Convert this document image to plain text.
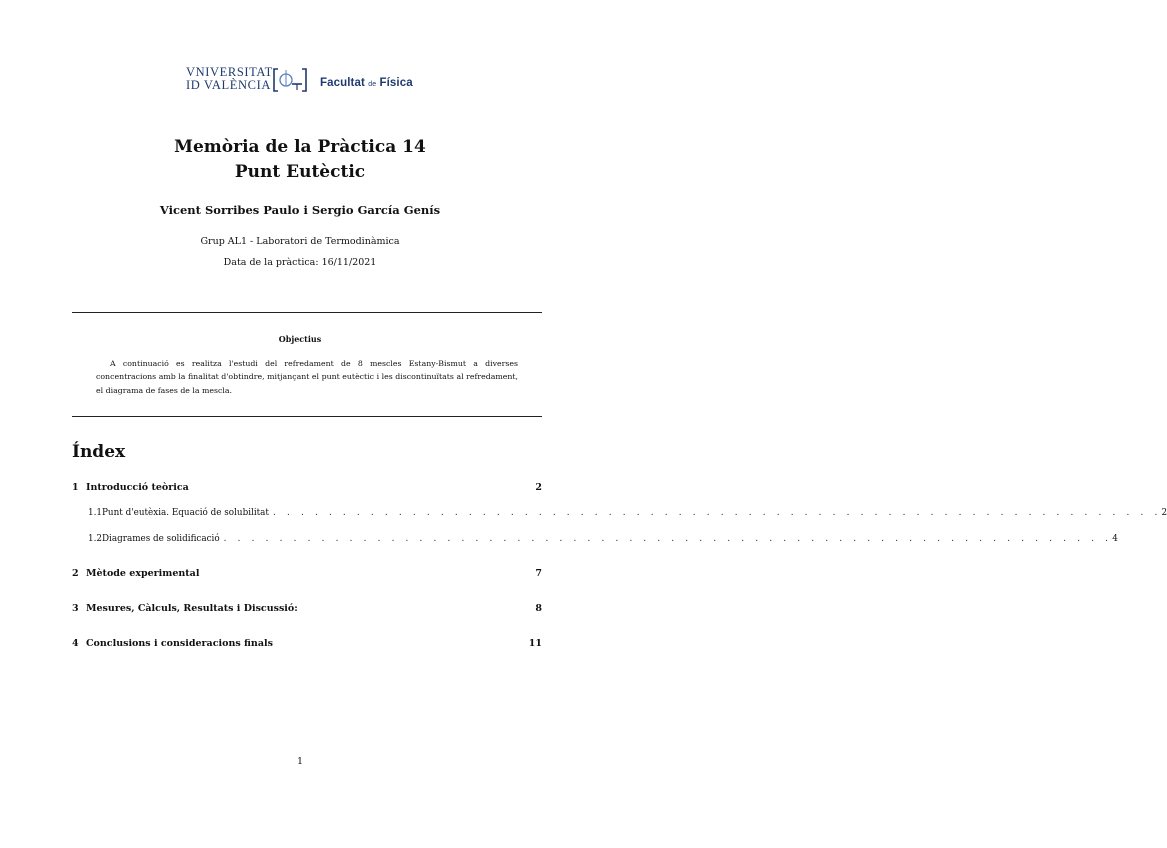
VNIVERSITAT
ID VALÈNCIA	Facultat de Física
Memòria de la Pràctica 14
Punt Eutèctic
Vicent Sorribes Paulo i Sergio García Genís
Grup AL1 - Laboratori de Termodinàmica
Data de la pràctica: 16/11/2021
Objectius
A continuació es realitza l'estudi del refredament de 8 mescles Estany-Bismut a diverses concentracions amb la finalitat d'obtindre, mitjançant el punt eutèctic i les discontinuïtats al refredament, el diagrama de fases de la mescla.
Índex
1 Introducció teòrica	2
1.1 Punt d'eutèxia. Equació de solubilitat . . . . . . . . . . . . . . . . . . . . . . . . . . . . . . . . . . . . . . . . . . . . . . . . . . . . . . . . . . . . . . . . 2
1.2 Diagrames de solidificació . . . . . . . . . . . . . . . . . . . . . . . . . . . . . . . . . . . . . . . . . . . . . . . . . . . . . . . . . . . . . . . . 4
2 Mètode experimental	7
3 Mesures, Càlculs, Resultats i Discussió:	8
4 Conclusions i consideracions finals	11
1
